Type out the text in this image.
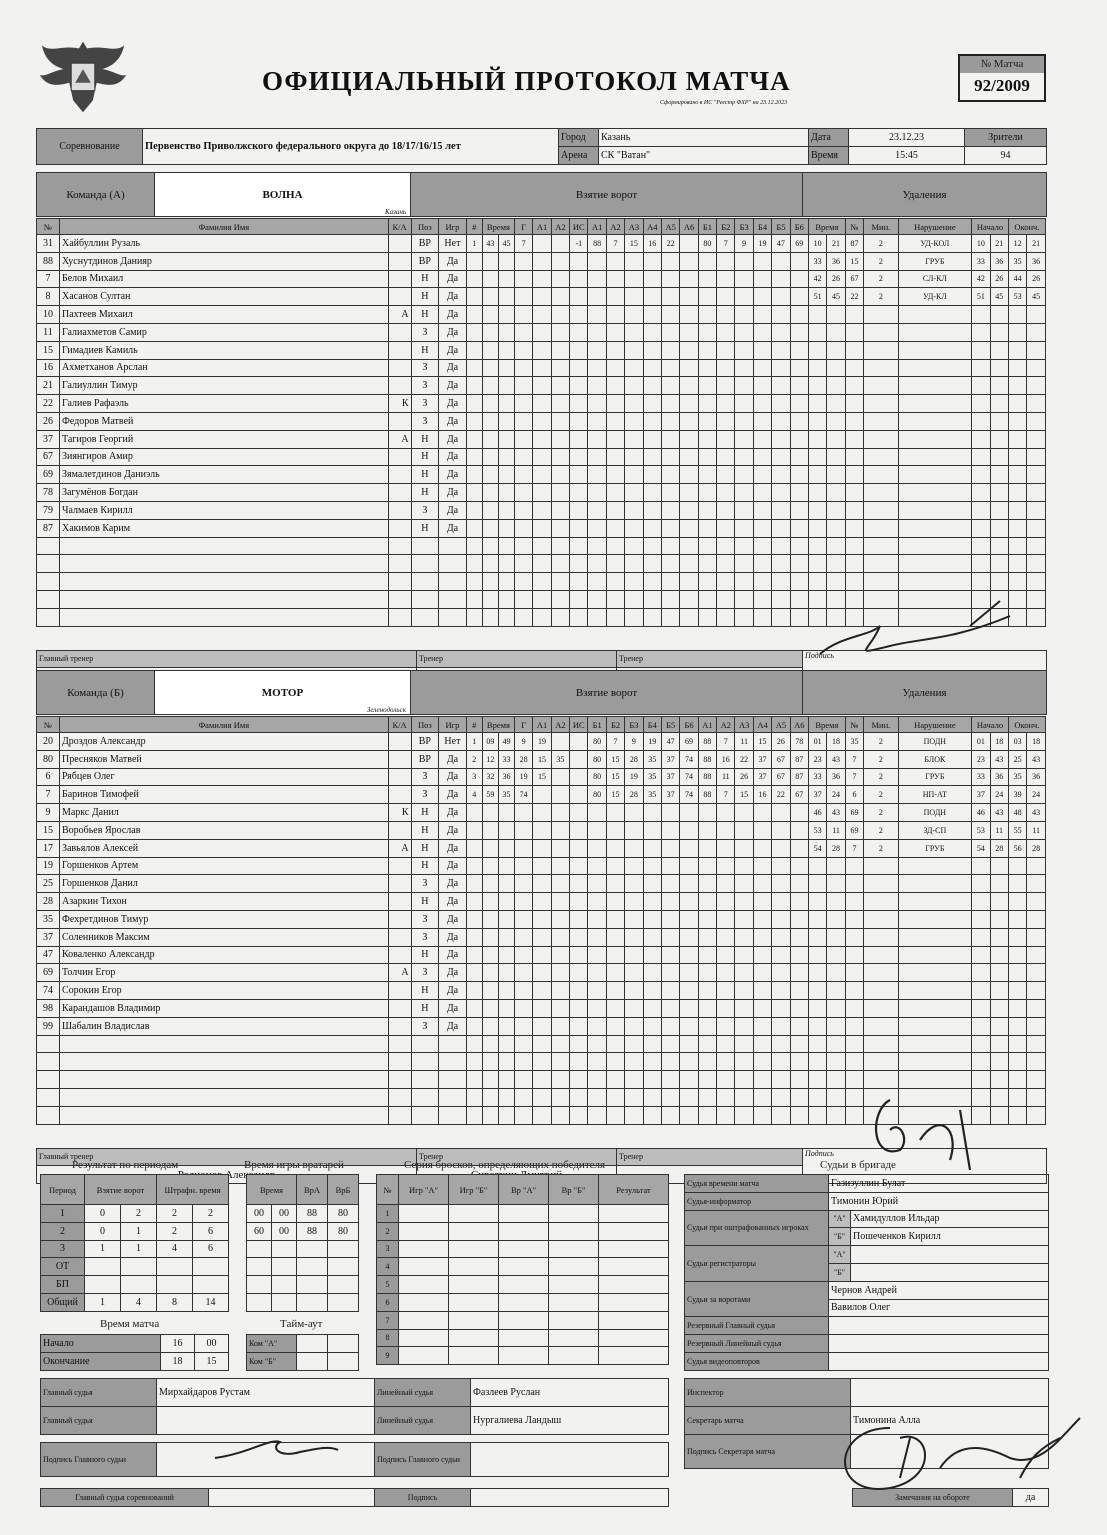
ОФИЦИАЛЬНЫЙ ПРОТОКОЛ МАТЧА
Сформировано в ИС "Реестр ФХР" на 23.12.2023
№ Матча
92/2009
Соревнование	Первенство Приволжского федерального округа до 18/17/16/15 лет	Город	Казань	Дата	23.12.23	Зрители
		Арена	СК "Ватан"	Время	15:45	94
Команда (А)	ВОЛНА
Казань
	Взятие ворот	Удаления
№	Фамилия Имя	К/А	Поз	Игр	#	Время		Г	А1	А2	ИС	А1	А2	А3	А4	А5	А6	Б1	Б2	Б3	Б4	Б5	Б6	Время		№	Мин.	Нарушение	Начало		Оконч.	
31	Хайбуллин Рузаль		ВР	Нет	1	43	45	7			-1	88	7	15	16	22		80	7	9	19	47	69	10	21	87	2	УД-КОЛ	10	21	12	21
88	Хуснутдинов Данияр		ВР	Да																				33	36	15	2	ГРУБ	33	36	35	36
7	Белов Михаил		Н	Да																				42	26	67	2	СЛ-КЛ	42	26	44	26
8	Хасанов Султан		Н	Да																				51	45	22	2	УД-КЛ	51	45	53	45
10	Пахтеев Михаил	А	Н	Да																												
11	Галиахметов Самир		З	Да																												
15	Гимадиев Камиль		Н	Да																												
16	Ахметханов Арслан		З	Да																												
21	Галиуллин Тимур		З	Да																												
22	Галиев Рафаэль	К	З	Да																												
26	Федоров Матвей		З	Да																												
37	Тагиров Георгий	А	Н	Да																												
67	Зиянгиров Амир		Н	Да																												
69	Зямалетдинов Даниэль		Н	Да																												
78	Загумёнов Богдан		Н	Да																												
79	Чалмаев Кирилл		З	Да																												
87	Хакимов Карим		Н	Да																												

Главный тренер	Тренер	Тренер	Подпись

Команда (Б)	МОТОР
Зеленодольск
	Взятие ворот	Удаления
№	Фамилия Имя	К/А	Поз	Игр	#	Время		Г	А1	А2	ИС	Б1	Б2	Б3	Б4	Б5	Б6	А1	А2	А3	А4	А5	А6	Время		№	Мин.	Нарушение	Начало		Оконч.	
20	Дроздов Александр		ВР	Нет	1	09	49	9	19			80	7	9	19	47	69	88	7	11	15	26	78	01	18	35	2	ПОДН	01	18	03	18
80	Пресняков Матвей		ВР	Да	2	12	33	28	15	35		80	15	28	35	37	74	88	16	22	37	67	87	23	43	7	2	БЛОК	23	43	25	43
6	Рябцев Олег		З	Да	3	32	36	19	15			80	15	19	35	37	74	88	11	26	37	67	87	33	36	7	2	ГРУБ	33	36	35	36
7	Баринов Тимофей		З	Да	4	59	35	74				80	15	28	35	37	74	88	7	15	16	22	67	37	24	6	2	НП-АТ	37	24	39	24
9	Маркс Данил	К	Н	Да																				46	43	69	2	ПОДН	46	43	48	43
15	Воробьев Ярослав		Н	Да																				53	11	69	2	ЗД-СП	53	11	55	11
17	Завьялов Алексей	А	Н	Да																				54	28	7	2	ГРУБ	54	28	56	28
19	Горшенков Артем		Н	Да																												
25	Горшенков Данил		З	Да																												
28	Азаркин Тихон		Н	Да																												
35	Фехретдинов Тимур		З	Да																												
37	Соленников Максим		З	Да																												
47	Коваленко Александр		Н	Да																												
69	Толчин Егор	А	З	Да																												
74	Сорокин Егор		Н	Да																												
98	Карандашов Владимир		Н	Да																												
99	Шабалин Владислав		З	Да																												

Главный тренер	Тренер	Тренер	Подпись

Результат по периодам
Период	Взятие ворот		Штрафн. время	
1	0	2	2	2
2	0	1	2	6
3	1	1	4	6
ОТ				
БП				
Общий	1	4	8	14
Время матча
Начало	16	00
Окончание	18	15
Время игры вратарей
Время		ВрА	ВрБ
00	00	88	80
60	00	88	80

Тайм-аут
Ком "А"		
Ком "Б"		
Серия бросков, определяющих победителя
№	Игр "А"	Игр "Б"	Вр "А"	Вр "Б"	Результат
1					
2					
3					
4					
5					
6					
7					
8					
9					
Судьи в бригаде
Судья времени матча	Газизуллин Булат	
Судья-информатор	Тимонин Юрий	
Судьи при оштрафованных игроках	"А"	Хамидуллов Ильдар
	"Б"	Пошеченков Кирилл
Судьи регистраторы	"А"	
	"Б"	
Судьи за воротами	Чернов Андрей	
	Вавилов Олег	
Резервный Главный судья		
Резервный Линейный судья		
Судья видеоповторов		
Главный судья	Мирхайдаров Рустам	Линейный судья	Фазлеев Руслан
Главный судья		Линейный судья	Нургалиева Ландыш
Подпись Главного судьи		Подпись Главного судьи	
Главный судья соревнований		Подпись	
Инспектор	
Секретарь матча	Тимонина Алла
Подпись Секретаря матча	
Замечания на обороте	да
